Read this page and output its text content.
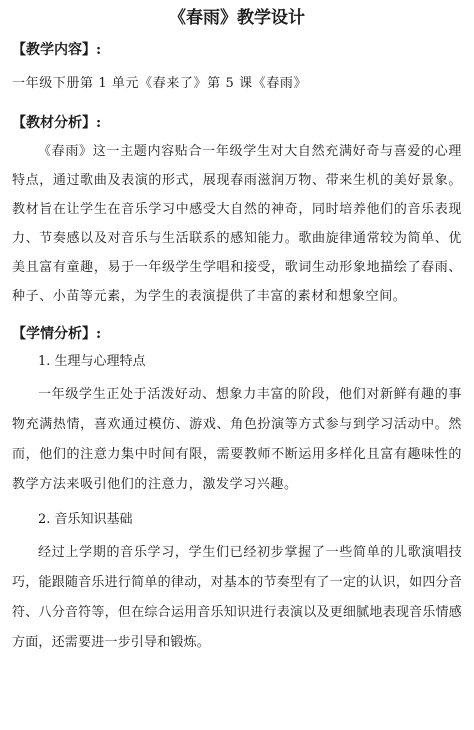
《春雨》教学设计
【教学内容】:

一年级下册第 1 单元《春来了》第 5 课《春雨》

【教材分析】:

《春雨》这一主题内容贴合一年级学生对大自然充满好奇与喜爱的心理特点，通过歌曲及表演的形式，展现春雨滋润万物、带来生机的美好景象。教材旨在让学生在音乐学习中感受大自然的神奇，同时培养他们的音乐表现力、节奏感以及对音乐与生活联系的感知能力。歌曲旋律通常较为简单、优美且富有童趣，易于一年级学生学唱和接受，歌词生动形象地描绘了春雨、种子、小苗等元素，为学生的表演提供了丰富的素材和想象空间。

【学情分析】:

1. 生理与心理特点

一年级学生正处于活泼好动、想象力丰富的阶段，他们对新鲜有趣的事物充满热情，喜欢通过模仿、游戏、角色扮演等方式参与到学习活动中。然而，他们的注意力集中时间有限，需要教师不断运用多样化且富有趣味性的教学方法来吸引他们的注意力，激发学习兴趣。

2. 音乐知识基础

经过上学期的音乐学习，学生们已经初步掌握了一些简单的儿歌演唱技巧，能跟随音乐进行简单的律动，对基本的节奏型有了一定的认识，如四分音符、八分音符等，但在综合运用音乐知识进行表演以及更细腻地表现音乐情感方面，还需要进一步引导和锻炼。
